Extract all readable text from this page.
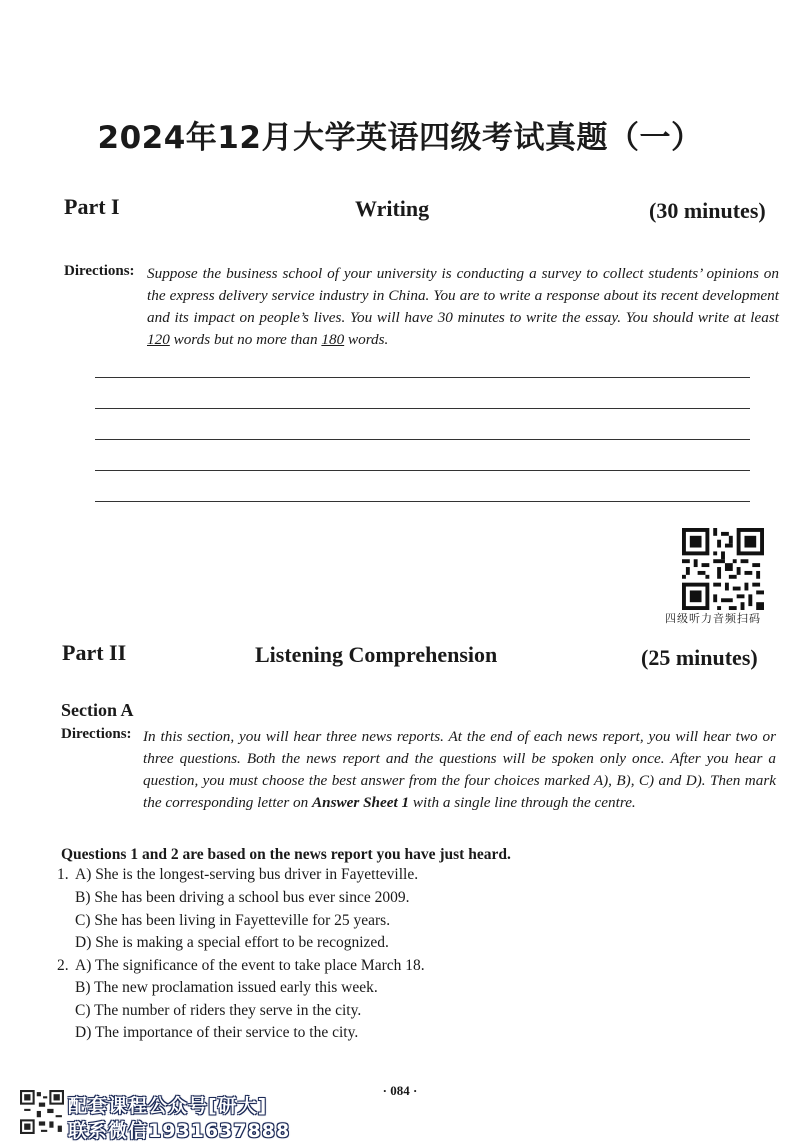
2024年12月大学英语四级考试真题（一）
Part I	Writing	(30 minutes)
Directions: Suppose the business school of your university is conducting a survey to collect students’ opinions on the express delivery service industry in China. You are to write a response about its recent development and its impact on people’s lives. You will have 30 minutes to write the essay. You should write at least 120 words but no more than 180 words.
四级听力音频扫码
Part II	Listening Comprehension	(25 minutes)
Section A
Directions: In this section, you will hear three news reports. At the end of each news report, you will hear two or three questions. Both the news report and the questions will be spoken only once. After you hear a question, you must choose the best answer from the four choices marked A), B), C) and D). Then mark the corresponding letter on Answer Sheet 1 with a single line through the centre.
Questions 1 and 2 are based on the news report you have just heard.
1. A) She is the longest-serving bus driver in Fayetteville.
B) She has been driving a school bus ever since 2009.
C) She has been living in Fayetteville for 25 years.
D) She is making a special effort to be recognized.
2. A) The significance of the event to take place March 18.
B) The new proclamation issued early this week.
C) The number of riders they serve in the city.
D) The importance of their service to the city.
· 084 ·
配套课程公众号[研大]
联系微信1931637888
